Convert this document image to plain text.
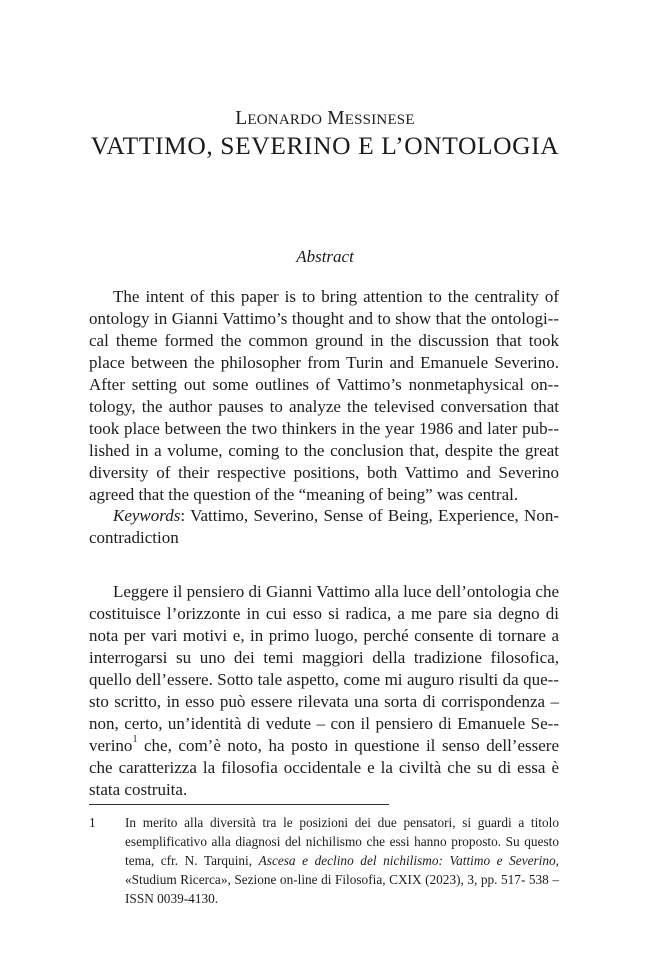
LEONARDO MESSINESE
VATTIMO, SEVERINO E L’ONTOLOGIA
Abstract

The intent of this paper is to bring attention to the centrality of ontology in Gianni Vattimo’s thought and to show that the ontologi-cal theme formed the common ground in the discussion that took place between the philosopher from Turin and Emanuele Severino. After setting out some outlines of Vattimo’s nonmetaphysical on-tology, the author pauses to analyze the televised conversation that took place between the two thinkers in the year 1986 and later pub-lished in a volume, coming to the conclusion that, despite the great diversity of their respective positions, both Vattimo and Severino agreed that the question of the “meaning of being” was central.

Keywords: Vattimo, Severino, Sense of Being, Experience, Non-contradiction

Leggere il pensiero di Gianni Vattimo alla luce dell’ontologia che costituisce l’orizzonte in cui esso si radica, a me pare sia degno di nota per vari motivi e, in primo luogo, perché consente di tornare a interrogarsi su uno dei temi maggiori della tradizione filosofica, quello dell’essere. Sotto tale aspetto, come mi auguro risulti da que-sto scritto, in esso può essere rilevata una sorta di corrispondenza – non, certo, un’identità di vedute – con il pensiero di Emanuele Se-verino$^1$ che, com’è noto, ha posto in questione il senso dell’essere che caratterizza la filosofia occidentale e la civiltà che su di essa è stata costruita.

1 In merito alla diversità tra le posizioni dei due pensatori, si guardi a titolo esemplificativo alla diagnosi del nichilismo che essi hanno proposto. Su questo tema, cfr. N. Tarquini, Ascesa e declino del nichilismo: Vattimo e Severino, «Studium Ricerca», Sezione on-line di Filosofia, CXIX (2023), 3, pp. 517- 538 – ISSN 0039-4130.
